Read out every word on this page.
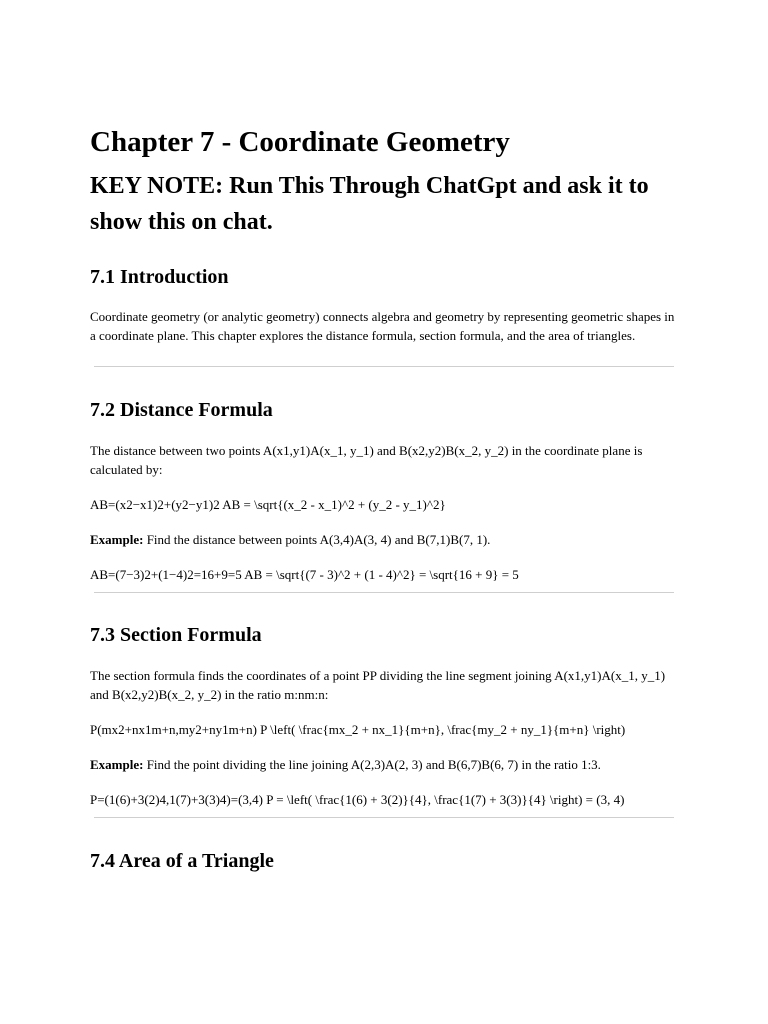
Chapter 7 - Coordinate Geometry
KEY NOTE: Run This Through ChatGpt and ask it to show this on chat.
7.1 Introduction

Coordinate geometry (or analytic geometry) connects algebra and geometry by representing geometric shapes in a coordinate plane. This chapter explores the distance formula, section formula, and the area of triangles.

7.2 Distance Formula

The distance between two points A(x1,y1)A(x_1, y_1) and B(x2,y2)B(x_2, y_2) in the coordinate plane is calculated by:

AB=(x2−x1)2+(y2−y1)2 AB = \sqrt{(x_2 - x_1)^2 + (y_2 - y_1)^2}

Example: Find the distance between points A(3,4)A(3, 4) and B(7,1)B(7, 1).

AB=(7−3)2+(1−4)2=16+9=5 AB = \sqrt{(7 - 3)^2 + (1 - 4)^2} = \sqrt{16 + 9} = 5

7.3 Section Formula

The section formula finds the coordinates of a point PP dividing the line segment joining A(x1,y1)A(x_1, y_1) and B(x2,y2)B(x_2, y_2) in the ratio m:nm:n:

P(mx2+nx1m+n,my2+ny1m+n) P \left( \frac{mx_2 + nx_1}{m+n}, \frac{my_2 + ny_1}{m+n} \right)

Example: Find the point dividing the line joining A(2,3)A(2, 3) and B(6,7)B(6, 7) in the ratio 1:3.

P=(1(6)+3(2)4,1(7)+3(3)4)=(3,4) P = \left( \frac{1(6) + 3(2)}{4}, \frac{1(7) + 3(3)}{4} \right) = (3, 4)

7.4 Area of a Triangle
